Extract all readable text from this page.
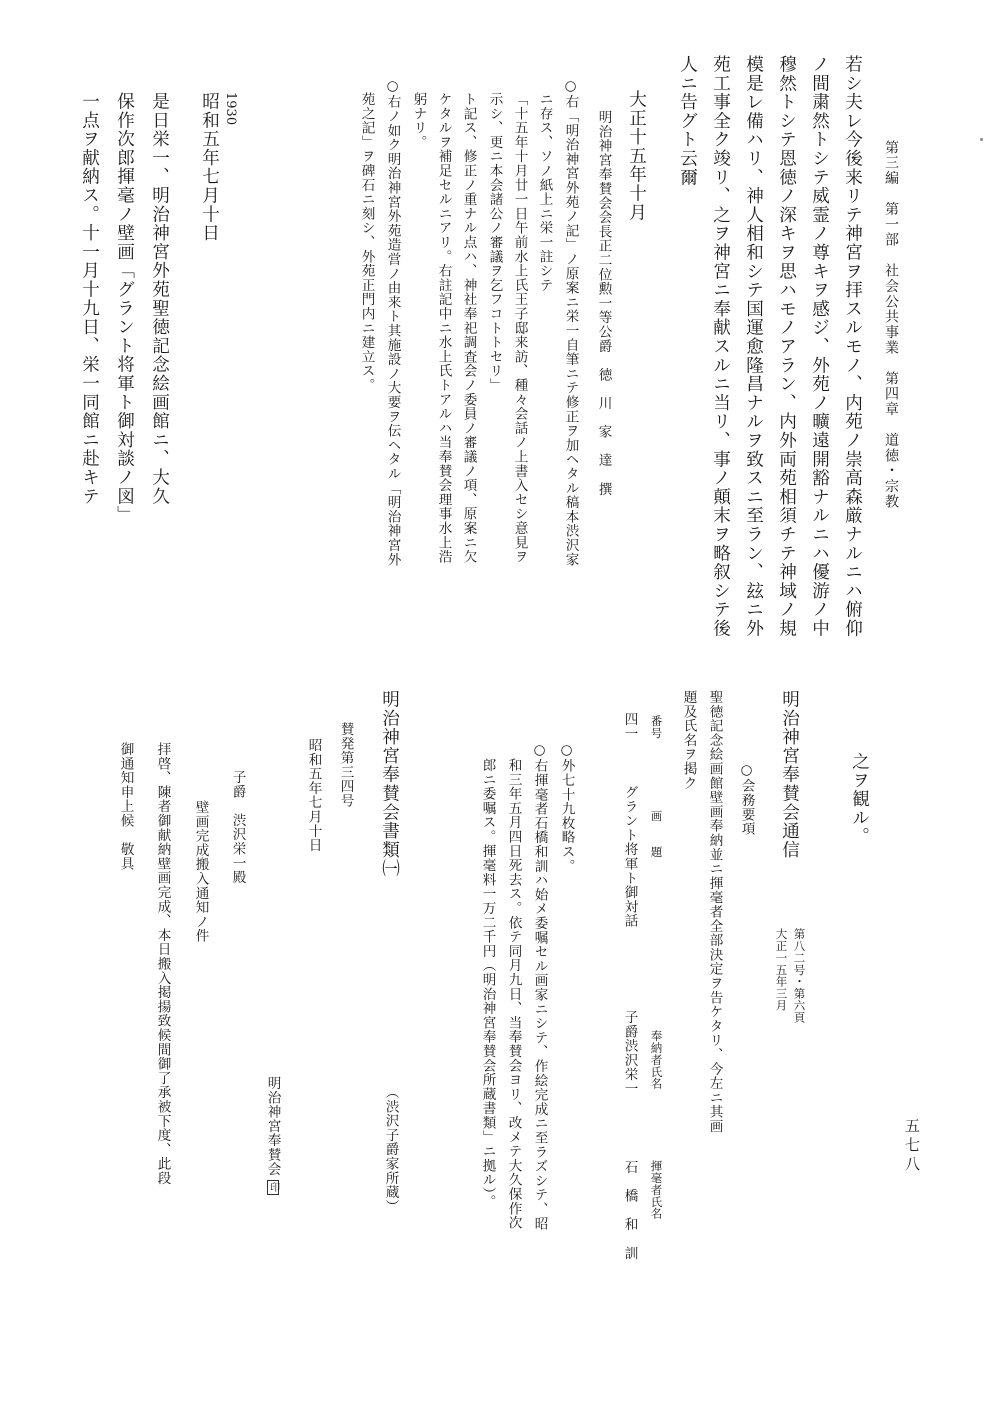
第三編　第一部　社会公共事業　第四章　道徳・宗教
五七八
若シ夫レ今後来リテ神宮ヲ拝スルモノ、内苑ノ崇高森厳ナルニハ俯仰
ノ間粛然トシテ威霊ノ尊キヲ感ジ、外苑ノ曠遠開豁ナルニハ優游ノ中
穆然トシテ恩徳ノ深キヲ思ハモノアラン、内外両苑相須チテ神域ノ規
模是レ備ハリ、神人相和シテ国運愈隆昌ナルヲ致スニ至ラン、玆ニ外
苑工事全ク竣リ、之ヲ神宮ニ奉献スルニ当リ、事ノ顛末ヲ略叙シテ後
人ニ告グト云爾
大正十五年十月
明治神宮奉賛会会長正二位勲一等公爵　徳　川　家　達　撰
○右「明治神宮外苑ノ記」ノ原案ニ栄一自筆ニテ修正ヲ加ヘタル稿本渋沢家
ニ存ス、ソノ紙上ニ栄一註シテ
「十五年十月廿一日午前水上氏王子邸来訪、種々会話ノ上書入セシ意見ヲ
示シ、更ニ本会諸公ノ審議ヲ乞フコトトセリ」
ト記ス、修正ノ重ナル点ハ、神社奉祀調査会ノ委員ノ審議ノ項、原案ニ欠
ケタルヲ補足セルニアリ。右註記中ニ水上氏トアルハ当奉賛会理事水上浩
躬ナリ。
○右ノ如ク明治神宮外苑造営ノ由来ト其施設ノ大要ヲ伝ヘタル「明治神宮外
苑之記」ヲ碑石ニ刻シ、外苑正門内ニ建立ス。
1930
昭和五年七月十日
是日栄一、明治神宮外苑聖徳記念絵画館ニ、大久
保作次郎揮毫ノ壁画「グラント将軍ト御対談ノ図」
一点ヲ献納ス。十一月十九日、栄一同館ニ赴キテ
之ヲ観ル。
明治神宮奉賛会通信
第八二号・第六頁
大正一五年三月
○会務要項
聖徳記念絵画館壁画奉納並ニ揮毫者全部決定ヲ告ケタリ、今左ニ其画
題及氏名ヲ掲ク
番号
画　　題
奉納者氏名
揮毫者氏名
四一
グラント将軍ト御対話
子爵渋沢栄一
石　橋　和　訓
○外七十九枚略ス。
○右揮毫者石橋和訓ハ始メ委嘱セル画家ニシテ、作絵完成ニ至ラズシテ、昭
和三年五月四日死去ス。依テ同月九日、当奉賛会ヨリ、改メテ大久保作次
郎ニ委嘱ス。揮毫料一万二千円（明治神宮奉賛会所蔵書類」ニ拠ル）。
明治神宮奉賛会書類㈠
（渋沢子爵家所蔵）
賛発第三四号
昭和五年七月十日
明治神宮奉賛会印
子爵　渋沢栄一殿
壁画完成搬入通知ノ件
拝啓、陳者御献納壁画完成、本日搬入掲揚致候間御了承被下度、此段
御通知申上候　敬具
